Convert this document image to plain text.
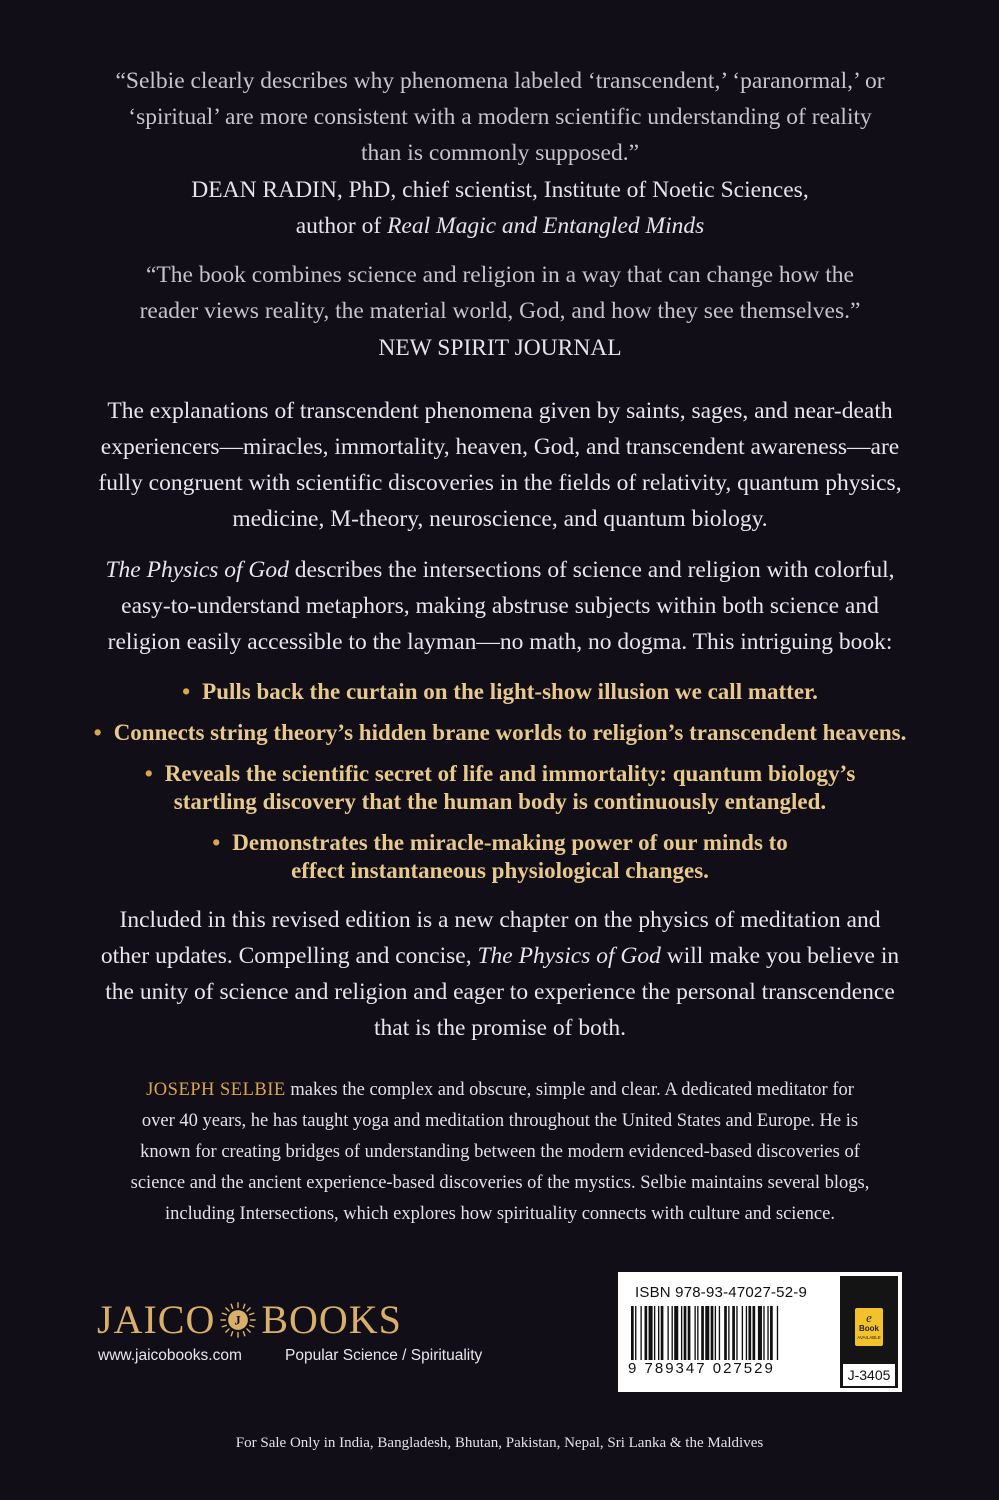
“Selbie clearly describes why phenomena labeled ‘transcendent,’ ‘paranormal,’ or
‘spiritual’ are more consistent with a modern scientific understanding of reality
than is commonly supposed.”
DEAN RADIN, PhD, chief scientist, Institute of Noetic Sciences,
author of Real Magic and Entangled Minds
“The book combines science and religion in a way that can change how the
reader views reality, the material world, God, and how they see themselves.”
NEW SPIRIT JOURNAL
The explanations of transcendent phenomena given by saints, sages, and near-death
experiencers—miracles, immortality, heaven, God, and transcendent awareness—are
fully congruent with scientific discoveries in the fields of relativity, quantum physics,
medicine, M-theory, neuroscience, and quantum biology.
The Physics of God describes the intersections of science and religion with colorful,
easy-to-understand metaphors, making abstruse subjects within both science and
religion easily accessible to the layman—no math, no dogma. This intriguing book:
• Pulls back the curtain on the light-show illusion we call matter.
• Connects string theory’s hidden brane worlds to religion’s transcendent heavens.
• Reveals the scientific secret of life and immortality: quantum biology’s
startling discovery that the human body is continuously entangled.
• Demonstrates the miracle-making power of our minds to
effect instantaneous physiological changes.
Included in this revised edition is a new chapter on the physics of meditation and
other updates. Compelling and concise, The Physics of God will make you believe in
the unity of science and religion and eager to experience the personal transcendence
that is the promise of both.
JOSEPH SELBIE makes the complex and obscure, simple and clear. A dedicated meditator for
over 40 years, he has taught yoga and meditation throughout the United States and Europe. He is
known for creating bridges of understanding between the modern evidenced-based discoveries of
science and the ancient experience-based discoveries of the mystics. Selbie maintains several blogs,
including Intersections, which explores how spirituality connects with culture and science.
JAICO J BOOKS
www.jaicobooks.com	Popular Science / Spirituality
ISBN 978-93-47027-52-9
9 789347 027529
e
Book
AVAILABLE
J-3405
For Sale Only in India, Bangladesh, Bhutan, Pakistan, Nepal, Sri Lanka & the Maldives
